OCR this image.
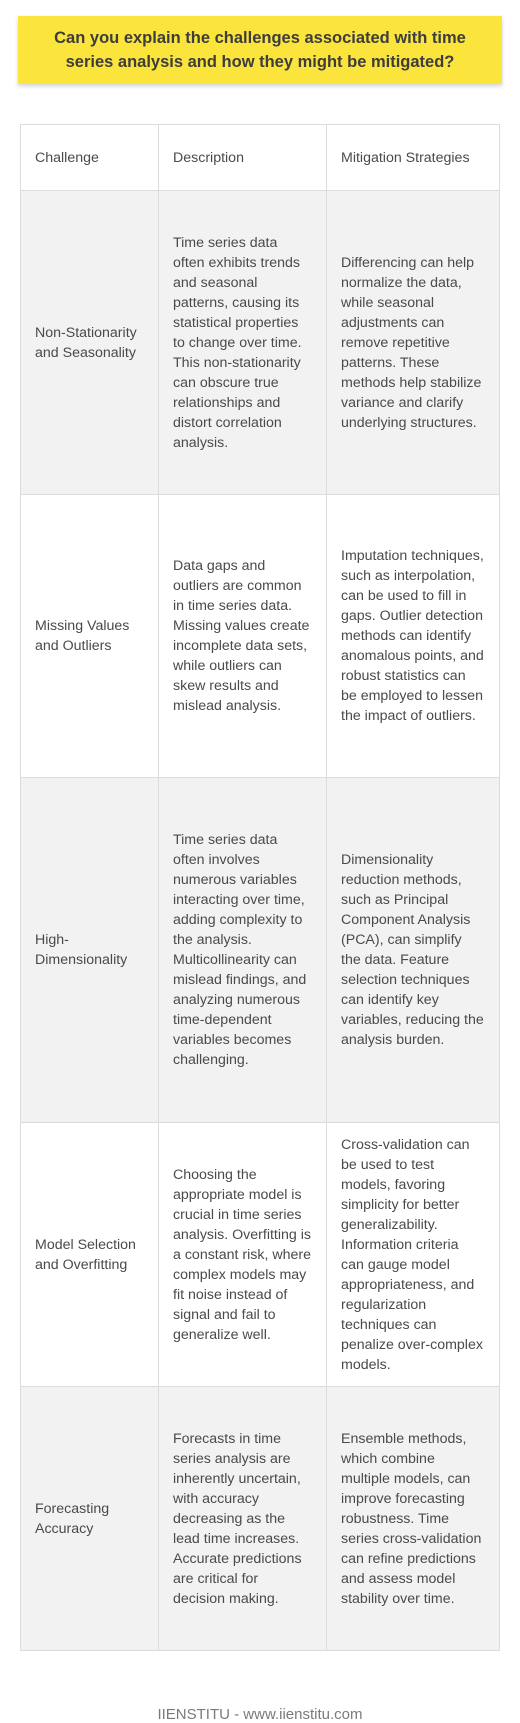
Can you explain the challenges associated with time series analysis and how they might be mitigated?
Challenge	Description	Mitigation Strategies

Non-Stationarity and Seasonality	Time series data often exhibits trends and seasonal patterns, causing its statistical properties to change over time. This non-stationarity can obscure true relationships and distort correlation analysis.	Differencing can help normalize the data, while seasonal adjustments can remove repetitive patterns. These methods help stabilize variance and clarify underlying structures.

Missing Values and Outliers	Data gaps and outliers are common in time series data. Missing values create incomplete data sets, while outliers can skew results and mislead analysis.	Imputation techniques, such as interpolation, can be used to fill in gaps. Outlier detection methods can identify anomalous points, and robust statistics can be employed to lessen the impact of outliers.

High-Dimensionality	Time series data often involves numerous variables interacting over time, adding complexity to the analysis. Multicollinearity can mislead findings, and analyzing numerous time-dependent variables becomes challenging.	Dimensionality reduction methods, such as Principal Component Analysis (PCA), can simplify the data. Feature selection techniques can identify key variables, reducing the analysis burden.

Model Selection and Overfitting	Choosing the appropriate model is crucial in time series analysis. Overfitting is a constant risk, where complex models may fit noise instead of signal and fail to generalize well.	Cross-validation can be used to test models, favoring simplicity for better generalizability. Information criteria can gauge model appropriateness, and regularization techniques can penalize over-complex models.

Forecasting Accuracy	Forecasts in time series analysis are inherently uncertain, with accuracy decreasing as the lead time increases. Accurate predictions are critical for decision making.	Ensemble methods, which combine multiple models, can improve forecasting robustness. Time series cross-validation can refine predictions and assess model stability over time.
IIENSTITU - www.iienstitu.com
